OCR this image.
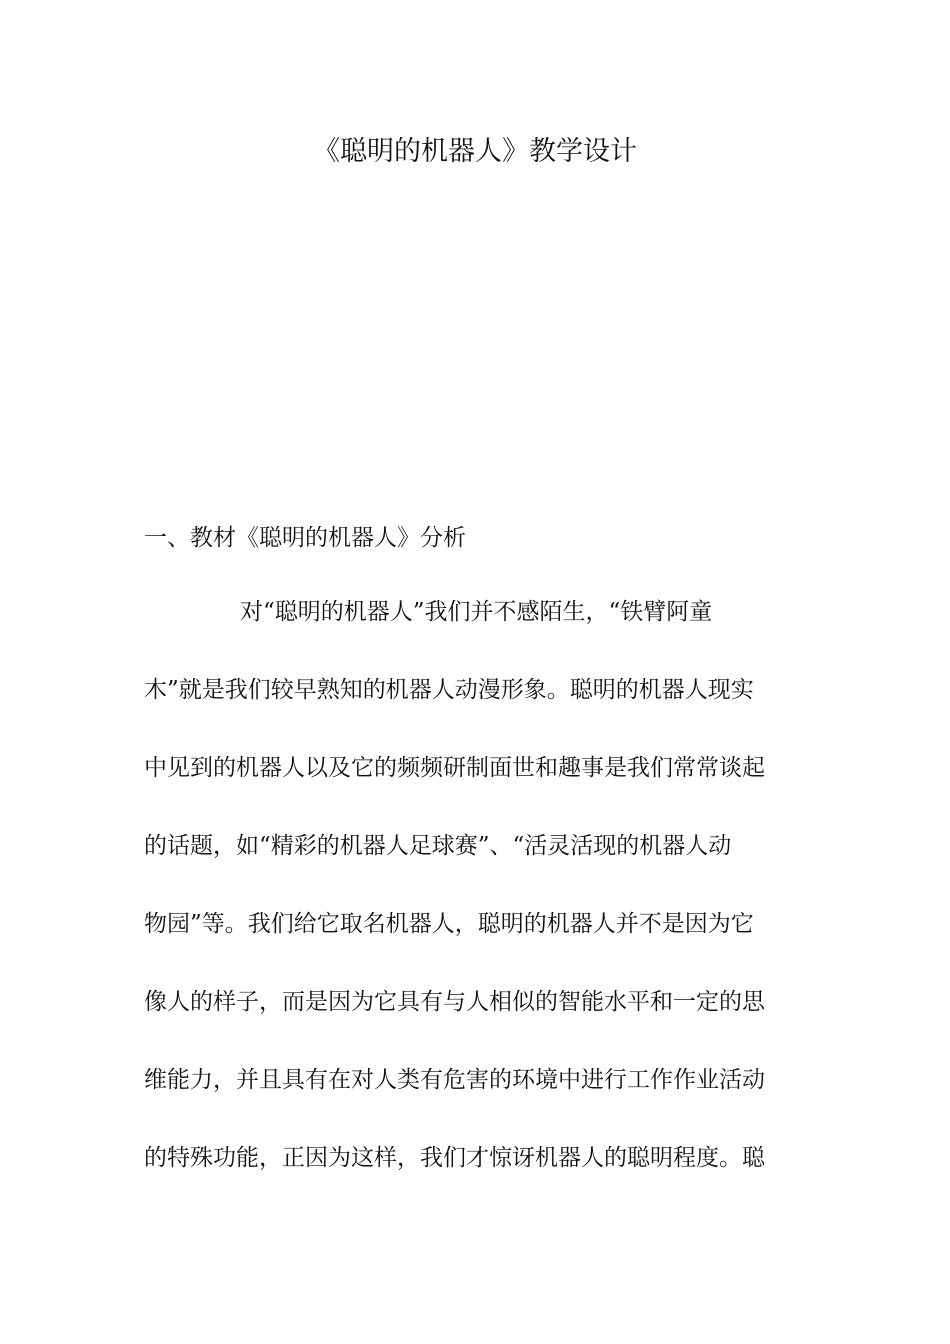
《聪明的机器人》教学设计
一、教材《聪明的机器人》分析
对“聪明的机器人”我们并不感陌生，“铁臂阿童
木”就是我们较早熟知的机器人动漫形象。聪明的机器人现实
中见到的机器人以及它的频频研制面世和趣事是我们常常谈起
的话题，如“精彩的机器人足球赛”、“活灵活现的机器人动
物园”等。我们给它取名机器人，聪明的机器人并不是因为它
像人的样子，而是因为它具有与人相似的智能水平和一定的思
维能力，并且具有在对人类有危害的环境中进行工作作业活动
的特殊功能，正因为这样，我们才惊讶机器人的聪明程度。聪
